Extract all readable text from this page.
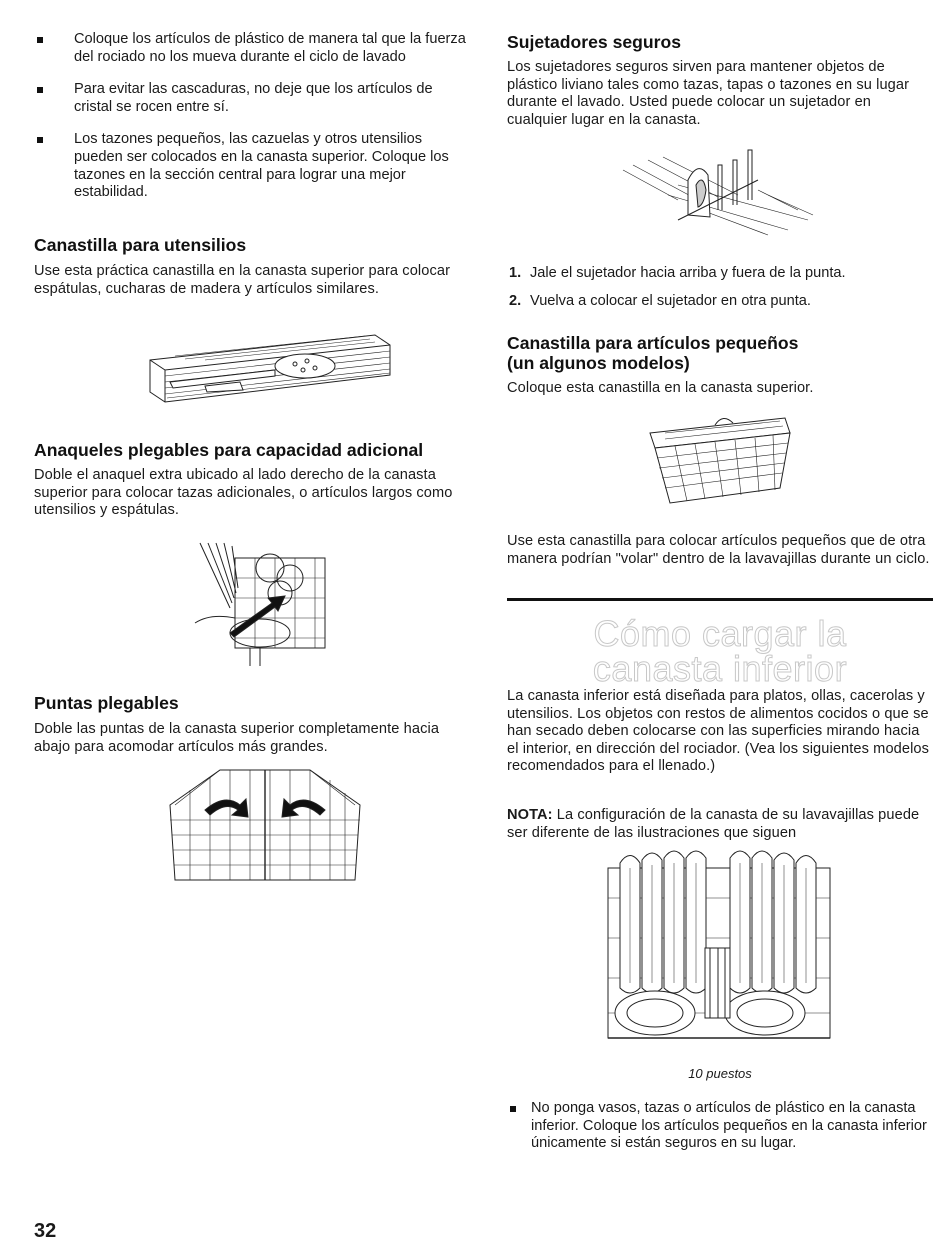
Coloque los artículos de plástico de manera tal que la fuerza del rociado no los mueva durante el ciclo de lavado
Para evitar las cascaduras, no deje que los artículos de cristal se rocen entre sí.
Los tazones pequeños, las cazuelas y otros utensilios pueden ser colocados en la canasta superior. Coloque los tazones en la sección central para lograr una mejor estabilidad.
Canastilla para utensilios
Use esta práctica canastilla en la canasta superior para colocar espátulas, cucharas de madera y artículos similares.
Anaqueles plegables para capacidad adicional
Doble el anaquel extra ubicado al lado derecho de la canasta superior para colocar tazas adicionales, o artículos largos como utensilios y espátulas.
Puntas plegables
Doble las puntas de la canasta superior completamente hacia abajo para acomodar artículos más grandes.
32
Sujetadores seguros
Los sujetadores seguros sirven para mantener objetos de plástico liviano tales como tazas, tapas o tazones en su lugar durante el lavado. Usted puede colocar un sujetador en cualquier lugar en la canasta.
1. Jale el sujetador hacia arriba y fuera de la punta.
2. Vuelva a colocar el sujetador en otra punta.
Canastilla para artículos pequeños
(un algunos modelos)
Coloque esta canastilla en la canasta superior.
Use esta canastilla para colocar artículos pequeños que de otra manera podrían "volar" dentro de la lavavajillas durante un ciclo.
Cómo cargar la
canasta inferior
La canasta inferior está diseñada para platos, ollas, cacerolas y utensilios. Los objetos con restos de alimentos cocidos o que se han secado deben colocarse con las superficies mirando hacia el interior, en dirección del rociador. (Vea los siguientes modelos recomendados para el llenado.)
NOTA: La configuración de la canasta de su lavavajillas puede ser diferente de las ilustraciones que siguen
10 puestos
No ponga vasos, tazas o artículos de plástico en la canasta inferior. Coloque los artículos pequeños en la canasta inferior únicamente si están seguros en su lugar.
